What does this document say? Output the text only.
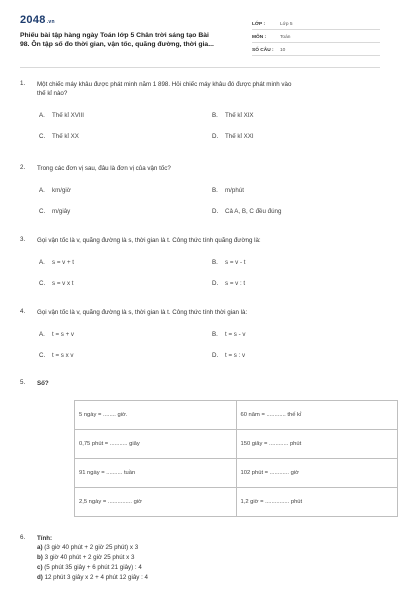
2048.vn
Phiếu bài tập hàng ngày Toán lớp 5 Chân trời sáng tạo Bài
98. Ôn tập số đo thời gian, vận tốc, quãng đường, thời gia...
LỚP :	Lớp 5
MÔN :	Toán
SỐ CÂU :	10
1.	Một chiếc máy khâu được phát minh năm 1 898. Hỏi chiếc máy khâu đó được phát minh vào
thế kỉ nào?
A.	Thế kỉ XVIII	B.	Thế kỉ XIX
C.	Thế kỉ XX	D.	Thế kỉ XXI
2.	Trong các đơn vị sau, đâu là đơn vị của vận tốc?
A.	km/giờ	B.	m/phút
C.	m/giây	D.	Cả A, B, C đều đúng
3.	Gọi vận tốc là v, quãng đường là s, thời gian là t. Công thức tính quãng đường là:
A.	s = v + t	B.	s = v - t
C.	s = v x t	D.	s = v : t
4.	Gọi vận tốc là v, quãng đường là s, thời gian là t. Công thức tính thời gian là:
A.	t = s + v	B.	t = s - v
C.	t = s x v	D.	t = s : v
5.	Số?
5 ngày = ........ giờ.	60 năm = ............ thế kỉ
0,75 phút = ........... giây	150 giây = ............ phút
91 ngày = .......... tuần	102 phút = ............ giờ
2,5 ngày = ............... giờ	1,2 giờ = ............... phút
6.	Tính:
a) (3 giờ 40 phút + 2 giờ 25 phút) x 3
b) 3 giờ 40 phút + 2 giờ 25 phút x 3
c) (5 phút 35 giây + 6 phút 21 giây) : 4
d) 12 phút 3 giây x 2 + 4 phút 12 giây : 4
